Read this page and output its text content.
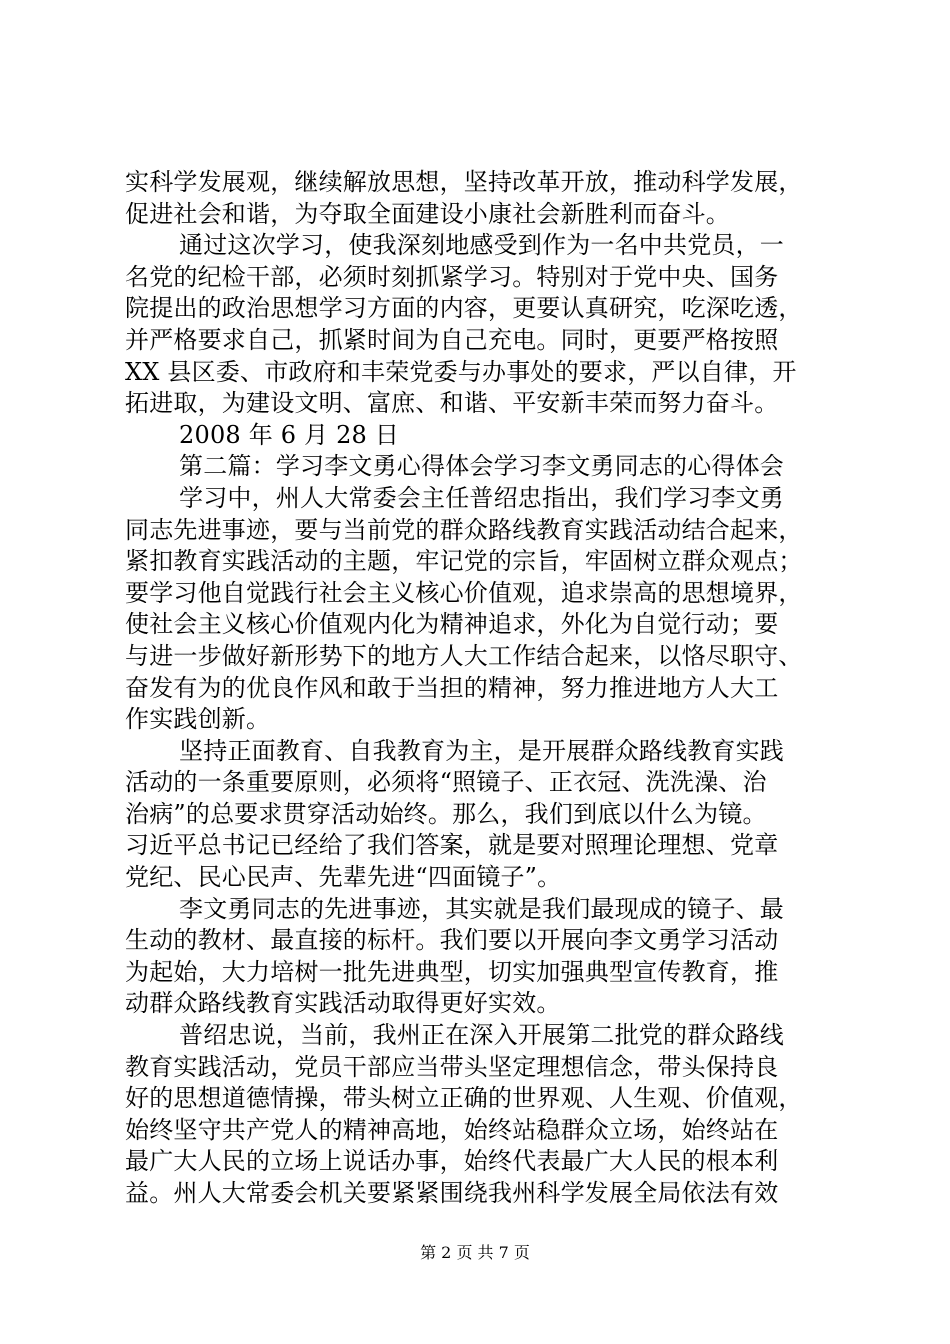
实科学发展观，继续解放思想，坚持改革开放，推动科学发展，
促进社会和谐，为夺取全面建设小康社会新胜利而奋斗。
通过这次学习，使我深刻地感受到作为一名中共党员，一
名党的纪检干部，必须时刻抓紧学习。特别对于党中央、国务
院提出的政治思想学习方面的内容，更要认真研究，吃深吃透，
并严格要求自己，抓紧时间为自己充电。同时，更要严格按照
XX 县区委、市政府和丰荣党委与办事处的要求，严以自律，开
拓进取，为建设文明、富庶、和谐、平安新丰荣而努力奋斗。
2008 年 6 月 28 日
第二篇：学习李文勇心得体会学习李文勇同志的心得体会
学习中，州人大常委会主任普绍忠指出，我们学习李文勇
同志先进事迹，要与当前党的群众路线教育实践活动结合起来，
紧扣教育实践活动的主题，牢记党的宗旨，牢固树立群众观点；
要学习他自觉践行社会主义核心价值观，追求崇高的思想境界，
使社会主义核心价值观内化为精神追求，外化为自觉行动；要
与进一步做好新形势下的地方人大工作结合起来，以恪尽职守、
奋发有为的优良作风和敢于当担的精神，努力推进地方人大工
作实践创新。
坚持正面教育、自我教育为主，是开展群众路线教育实践
活动的一条重要原则，必须将“照镜子、正衣冠、洗洗澡、治
治病”的总要求贯穿活动始终。那么，我们到底以什么为镜。
习近平总书记已经给了我们答案，就是要对照理论理想、党章
党纪、民心民声、先辈先进“四面镜子”。
李文勇同志的先进事迹，其实就是我们最现成的镜子、最
生动的教材、最直接的标杆。我们要以开展向李文勇学习活动
为起始，大力培树一批先进典型，切实加强典型宣传教育，推
动群众路线教育实践活动取得更好实效。
普绍忠说，当前，我州正在深入开展第二批党的群众路线
教育实践活动，党员干部应当带头坚定理想信念，带头保持良
好的思想道德情操，带头树立正确的世界观、人生观、价值观，
始终坚守共产党人的精神高地，始终站稳群众立场，始终站在
最广大人民的立场上说话办事，始终代表最广大人民的根本利
益。州人大常委会机关要紧紧围绕我州科学发展全局依法有效
第 2 页 共 7 页
